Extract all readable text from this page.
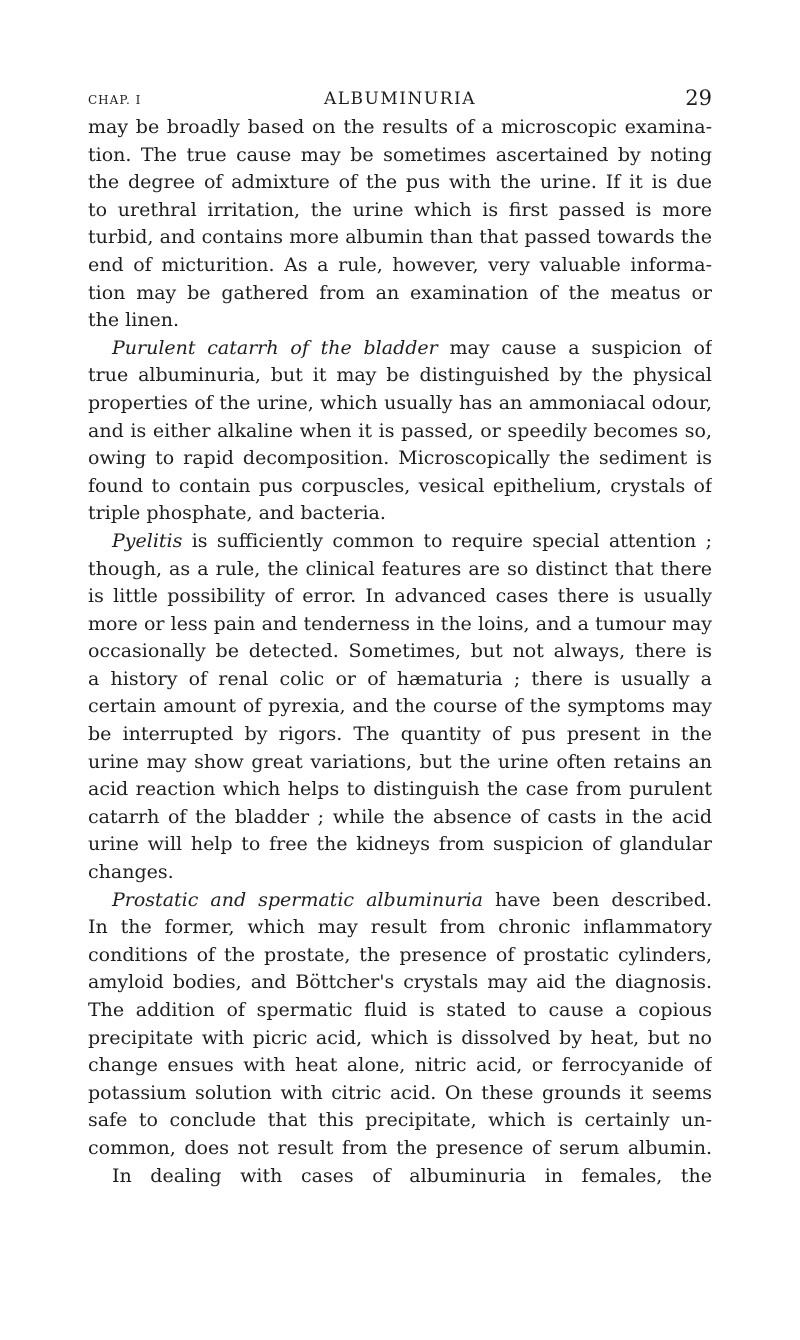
CHAP. I	ALBUMINURIA	29
may be broadly based on the results of a microscopic examina-
tion. The true cause may be sometimes ascertained by noting
the degree of admixture of the pus with the urine. If it is due
to urethral irritation, the urine which is first passed is more
turbid, and contains more albumin than that passed towards the
end of micturition. As a rule, however, very valuable informa-
tion may be gathered from an examination of the meatus or
the linen.
Purulent catarrh of the bladder may cause a suspicion of
true albuminuria, but it may be distinguished by the physical
properties of the urine, which usually has an ammoniacal odour,
and is either alkaline when it is passed, or speedily becomes so,
owing to rapid decomposition. Microscopically the sediment is
found to contain pus corpuscles, vesical epithelium, crystals of
triple phosphate, and bacteria.
Pyelitis is sufficiently common to require special attention ;
though, as a rule, the clinical features are so distinct that there
is little possibility of error. In advanced cases there is usually
more or less pain and tenderness in the loins, and a tumour may
occasionally be detected. Sometimes, but not always, there is
a history of renal colic or of hæmaturia ; there is usually a
certain amount of pyrexia, and the course of the symptoms may
be interrupted by rigors. The quantity of pus present in the
urine may show great variations, but the urine often retains an
acid reaction which helps to distinguish the case from purulent
catarrh of the bladder ; while the absence of casts in the acid
urine will help to free the kidneys from suspicion of glandular
changes.
Prostatic and spermatic albuminuria have been described.
In the former, which may result from chronic inflammatory
conditions of the prostate, the presence of prostatic cylinders,
amyloid bodies, and Böttcher's crystals may aid the diagnosis.
The addition of spermatic fluid is stated to cause a copious
precipitate with picric acid, which is dissolved by heat, but no
change ensues with heat alone, nitric acid, or ferrocyanide of
potassium solution with citric acid. On these grounds it seems
safe to conclude that this precipitate, which is certainly un-
common, does not result from the presence of serum albumin.
In dealing with cases of albuminuria in females, the
